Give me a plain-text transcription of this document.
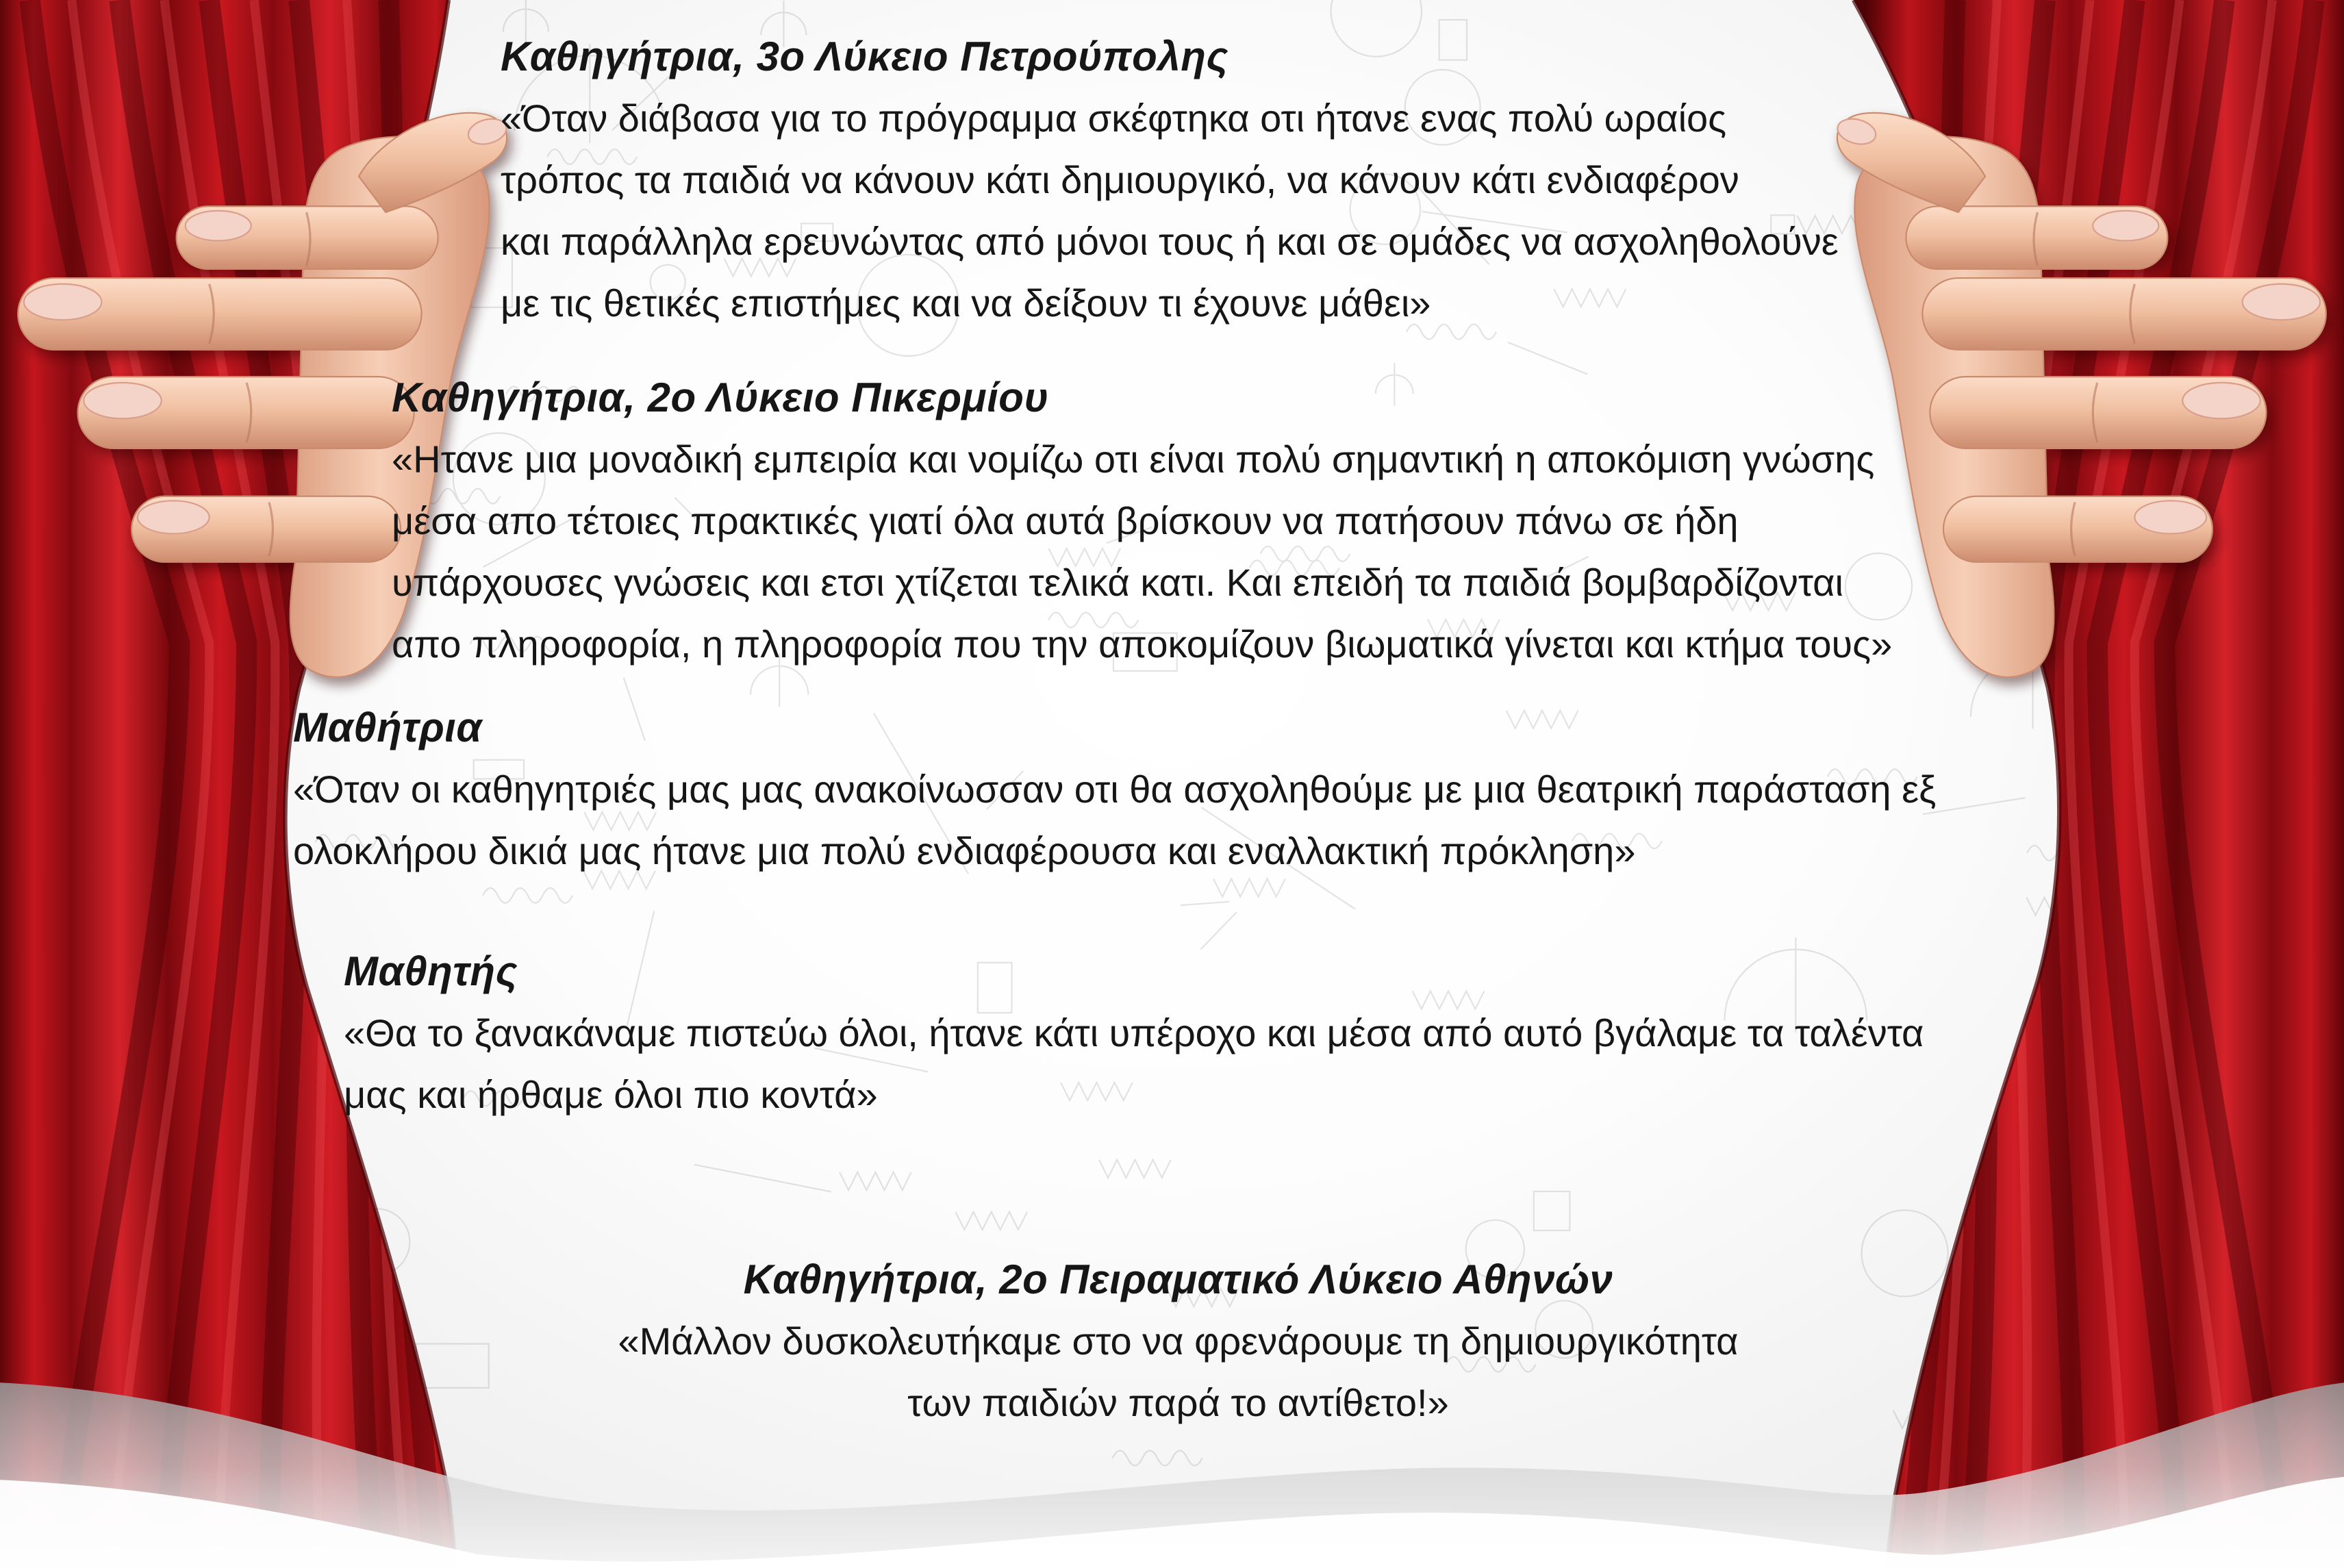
Καθηγήτρια, 3ο Λύκειο Πετρούπολης
«Όταν διάβασα για το πρόγραμμα σκέφτηκα οτι ήτανε ενας πολύ ωραίος
τρόπος τα παιδιά να κάνουν κάτι δημιουργικό, να κάνουν κάτι ενδιαφέρον
και παράλληλα ερευνώντας από μόνοι τους ή και σε ομάδες να ασχοληθολούνε
με τις θετικές επιστήμες και να δείξουν τι έχουνε μάθει»
Καθηγήτρια, 2ο Λύκειο Πικερμίου
«Ητανε μια μοναδική εμπειρία και νομίζω οτι είναι πολύ σημαντική η αποκόμιση γνώσης
μέσα απο τέτοιες πρακτικές γιατί όλα αυτά βρίσκουν να πατήσουν πάνω σε ήδη
υπάρχουσες γνώσεις και ετσι χτίζεται τελικά κατι. Και επειδή τα παιδιά βομβαρδίζονται
απο πληροφορία, η πληροφορία που την αποκομίζουν βιωματικά γίνεται και κτήμα τους»
Μαθήτρια
«Όταν οι καθηγητριές μας μας ανακοίνωσσαν οτι θα ασχοληθούμε με μια θεατρική παράσταση εξ
ολοκλήρου δικιά μας ήτανε μια πολύ ενδιαφέρουσα και εναλλακτική πρόκληση»
Μαθητής
«Θα το ξανακάναμε πιστεύω όλοι, ήτανε κάτι υπέροχο και μέσα από αυτό βγάλαμε τα ταλέντα
μας και ήρθαμε όλοι πιο κοντά»
Καθηγήτρια, 2ο Πειραματικό Λύκειο Αθηνών
«Μάλλον δυσκολευτήκαμε στο να φρενάρουμε τη δημιουργικότητα
των παιδιών παρά το αντίθετο!»
